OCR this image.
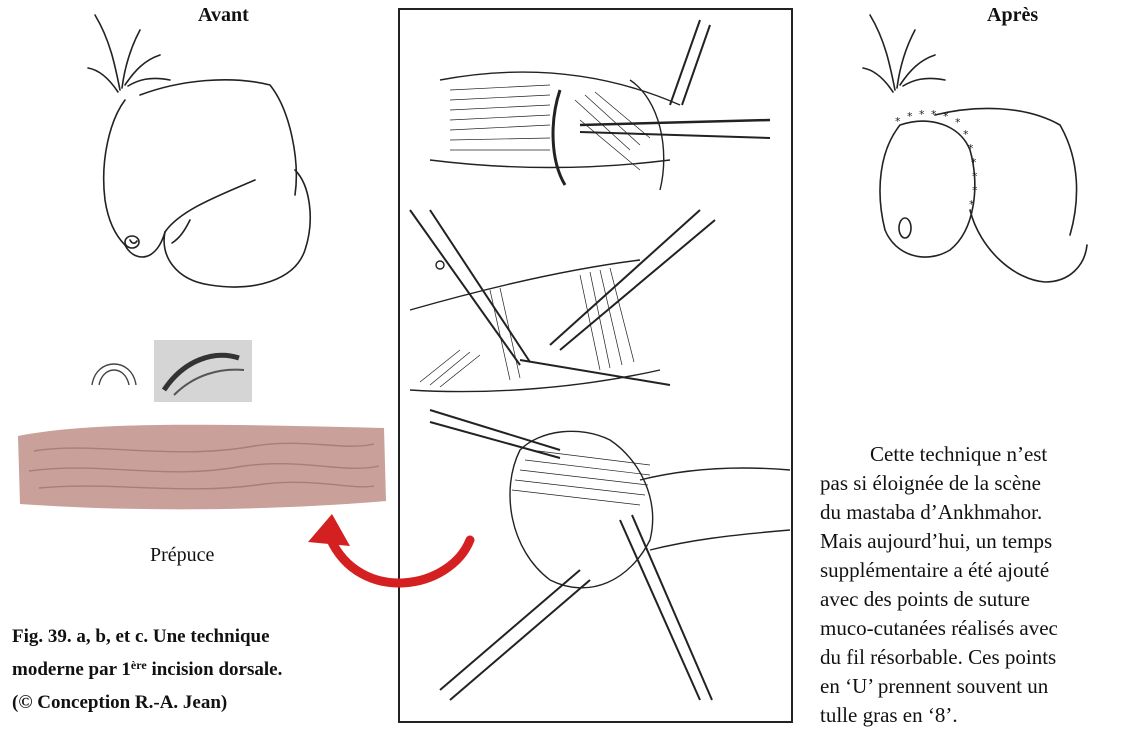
Avant	Après
* * * * * *
*
*
*
*
*
*
Prépuce
Fig. 39. a, b, et c. Une technique
moderne par 1ère incision dorsale.
(© Conception R.-A. Jean)
Cette technique n’est
pas si éloignée de la scène
du mastaba d’Ankhmahor.
Mais aujourd’hui, un temps
supplémentaire a été ajouté
avec des points de suture
muco-cutanées réalisés avec
du fil résorbable. Ces points
en ‘U’ prennent souvent un
tulle gras en ‘8’.
